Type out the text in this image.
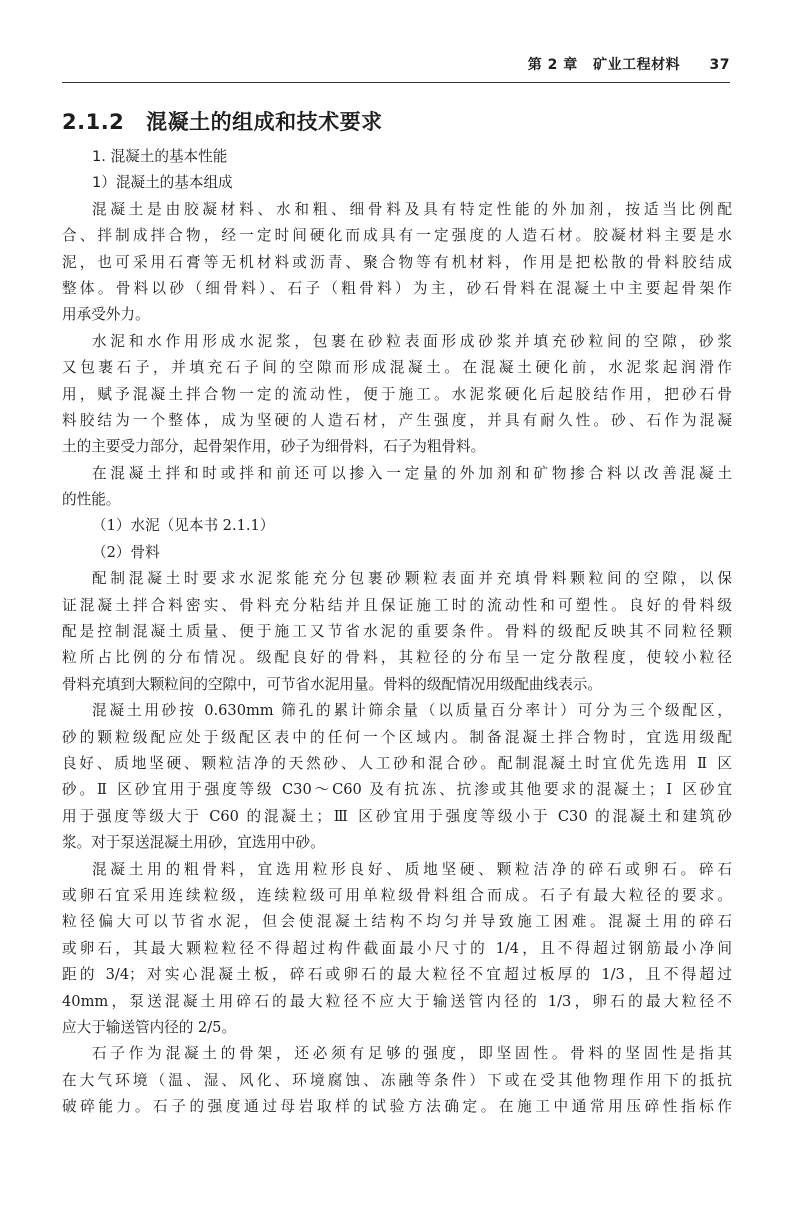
第 2 章 矿业工程材料 37
2.1.2 混凝土的组成和技术要求
1. 混凝土的基本性能
1）混凝土的基本组成
混凝土是由胶凝材料、水和粗、细骨料及具有特定性能的外加剂，按适当比例配
合、拌制成拌合物，经一定时间硬化而成具有一定强度的人造石材。胶凝材料主要是水
泥，也可采用石膏等无机材料或沥青、聚合物等有机材料，作用是把松散的骨料胶结成
整体。骨料以砂（细骨料）、石子（粗骨料）为主，砂石骨料在混凝土中主要起骨架作
用承受外力。
水泥和水作用形成水泥浆，包裹在砂粒表面形成砂浆并填充砂粒间的空隙，砂浆
又包裹石子，并填充石子间的空隙而形成混凝土。在混凝土硬化前，水泥浆起润滑作
用，赋予混凝土拌合物一定的流动性，便于施工。水泥浆硬化后起胶结作用，把砂石骨
料胶结为一个整体，成为坚硬的人造石材，产生强度，并具有耐久性。砂、石作为混凝
土的主要受力部分，起骨架作用，砂子为细骨料，石子为粗骨料。
在混凝土拌和时或拌和前还可以掺入一定量的外加剂和矿物掺合料以改善混凝土
的性能。
（1）水泥（见本书 2.1.1）
（2）骨料
配制混凝土时要求水泥浆能充分包裹砂颗粒表面并充填骨料颗粒间的空隙，以保
证混凝土拌合料密实、骨料充分粘结并且保证施工时的流动性和可塑性。良好的骨料级
配是控制混凝土质量、便于施工又节省水泥的重要条件。骨料的级配反映其不同粒径颗
粒所占比例的分布情况。级配良好的骨料，其粒径的分布呈一定分散程度，使较小粒径
骨料充填到大颗粒间的空隙中，可节省水泥用量。骨料的级配情况用级配曲线表示。
混凝土用砂按 0.630mm 筛孔的累计筛余量（以质量百分率计）可分为三个级配区，
砂的颗粒级配应处于级配区表中的任何一个区域内。制备混凝土拌合物时，宜选用级配
良好、质地坚硬、颗粒洁净的天然砂、人工砂和混合砂。配制混凝土时宜优先选用 Ⅱ 区
砂。Ⅱ 区砂宜用于强度等级 C30～C60 及有抗冻、抗渗或其他要求的混凝土；Ⅰ 区砂宜
用于强度等级大于 C60 的混凝土；Ⅲ 区砂宜用于强度等级小于 C30 的混凝土和建筑砂
浆。对于泵送混凝土用砂，宜选用中砂。
混凝土用的粗骨料，宜选用粒形良好、质地坚硬、颗粒洁净的碎石或卵石。碎石
或卵石宜采用连续粒级，连续粒级可用单粒级骨料组合而成。石子有最大粒径的要求。
粒径偏大可以节省水泥，但会使混凝土结构不均匀并导致施工困难。混凝土用的碎石
或卵石，其最大颗粒粒径不得超过构件截面最小尺寸的 1/4，且不得超过钢筋最小净间
距的 3/4；对实心混凝土板，碎石或卵石的最大粒径不宜超过板厚的 1/3，且不得超过
40mm，泵送混凝土用碎石的最大粒径不应大于输送管内径的 1/3，卵石的最大粒径不
应大于输送管内径的 2/5。
石子作为混凝土的骨架，还必须有足够的强度，即坚固性。骨料的坚固性是指其
在大气环境（温、湿、风化、环境腐蚀、冻融等条件）下或在受其他物理作用下的抵抗
破碎能力。石子的强度通过母岩取样的试验方法确定。在施工中通常用压碎性指标作
